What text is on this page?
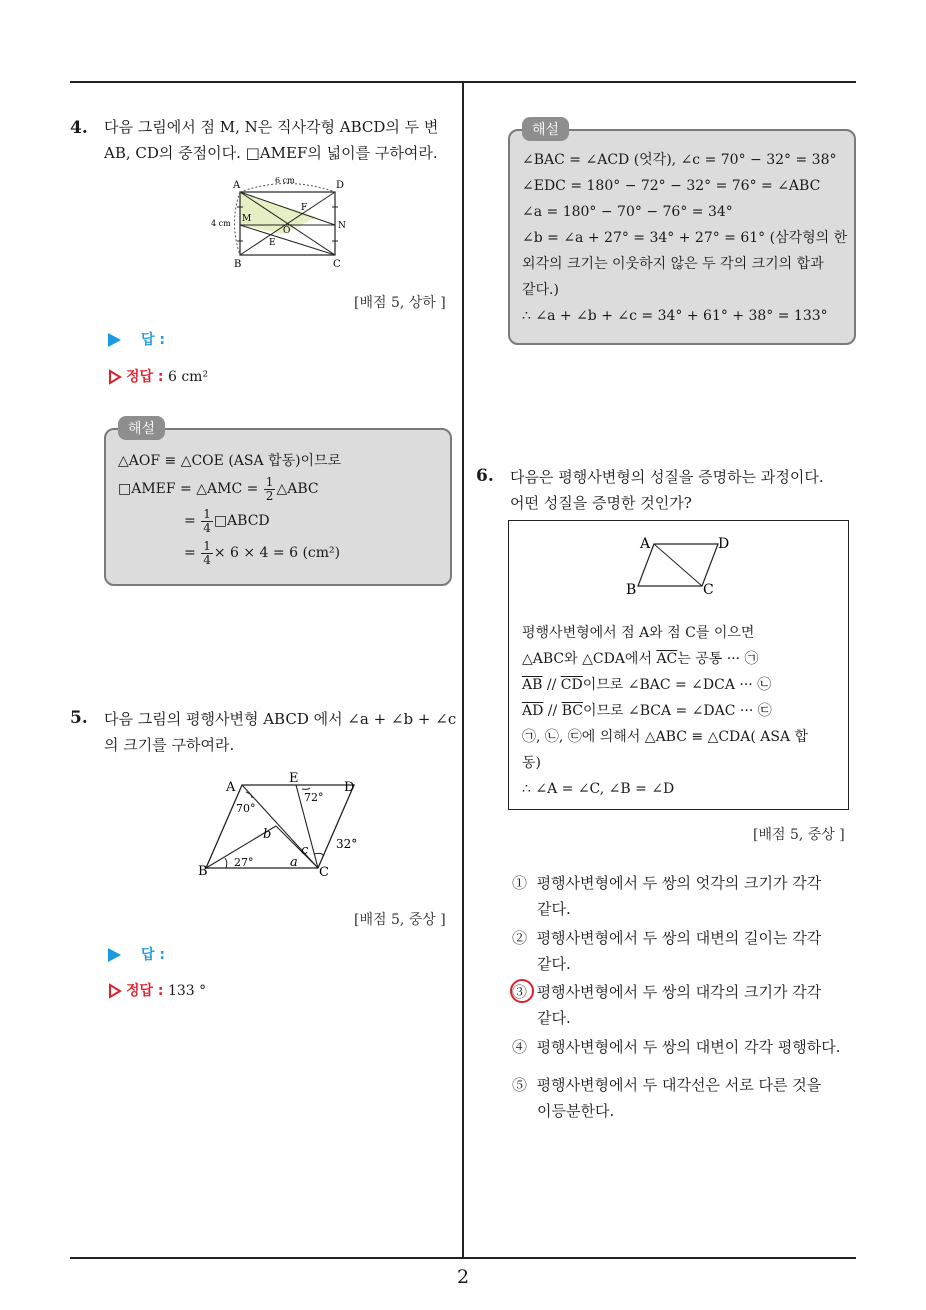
2
4. 다음 그림에서 점 M, N은 직사각형 ABCD의 두 변
AB, CD의 중점이다. □AMEF의 넓이를 구하여라.
A	D
B	C
M
N
E
F
O
6 cm
4 cm
[배점 5, 상하 ]
답 :
정답 : 6 cm²
해설
△AOF ≡ △COE (ASA 합동)이므로
□AMEF = △AMC = $\frac{1}{2}$ △ABC
= $\frac{1}{4}$ □ABCD
= $\frac{1}{4} \times 6 \times 4 = 6$ (cm²)
5. 다음 그림의 평행사변형 ABCD 에서 ∠a + ∠b + ∠c
의 크기를 구하여라.
A
E
D
B	C
70°
72°
27°
32°
b
c
a
[배점 5, 중상 ]
답 :
정답 : 133 °
해설
∠BAC = ∠ACD (엇각), ∠c = 70° − 32° = 38°
∠EDC = 180° − 72° − 32° = 76° = ∠ABC
∠a = 180° − 70° − 76° = 34°
∠b = ∠a + 27° = 34° + 27° = 61° (삼각형의 한
외각의 크기는 이웃하지 않은 두 각의 크기의 합과
같다.)
∴ ∠a + ∠b + ∠c = 34° + 61° + 38° = 133°
6. 다음은 평행사변형의 성질을 증명하는 과정이다.
어떤 성질을 증명한 것인가?
A	D
B	C
평행사변형에서 점 A와 점 C를 이으면
△ABC와 △CDA에서 $\overline{AC}$는 공통 ··· ㉠
$\overline{AB} // \overline{CD}$이므로 ∠BAC = ∠DCA ··· ㉡
$\overline{AD} // \overline{BC}$이므로 ∠BCA = ∠DAC ··· ㉢
㉠, ㉡, ㉢에 의해서 △ABC ≡ △CDA( ASA 합
동)
∴ ∠A = ∠C, ∠B = ∠D
[배점 5, 중상 ]
① 평행사변형에서 두 쌍의 엇각의 크기가 각각
같다.
② 평행사변형에서 두 쌍의 대변의 길이는 각각
같다.
③ 평행사변형에서 두 쌍의 대각의 크기가 각각
같다.
④ 평행사변형에서 두 쌍의 대변이 각각 평행하다.
⑤ 평행사변형에서 두 대각선은 서로 다른 것을
이등분한다.
